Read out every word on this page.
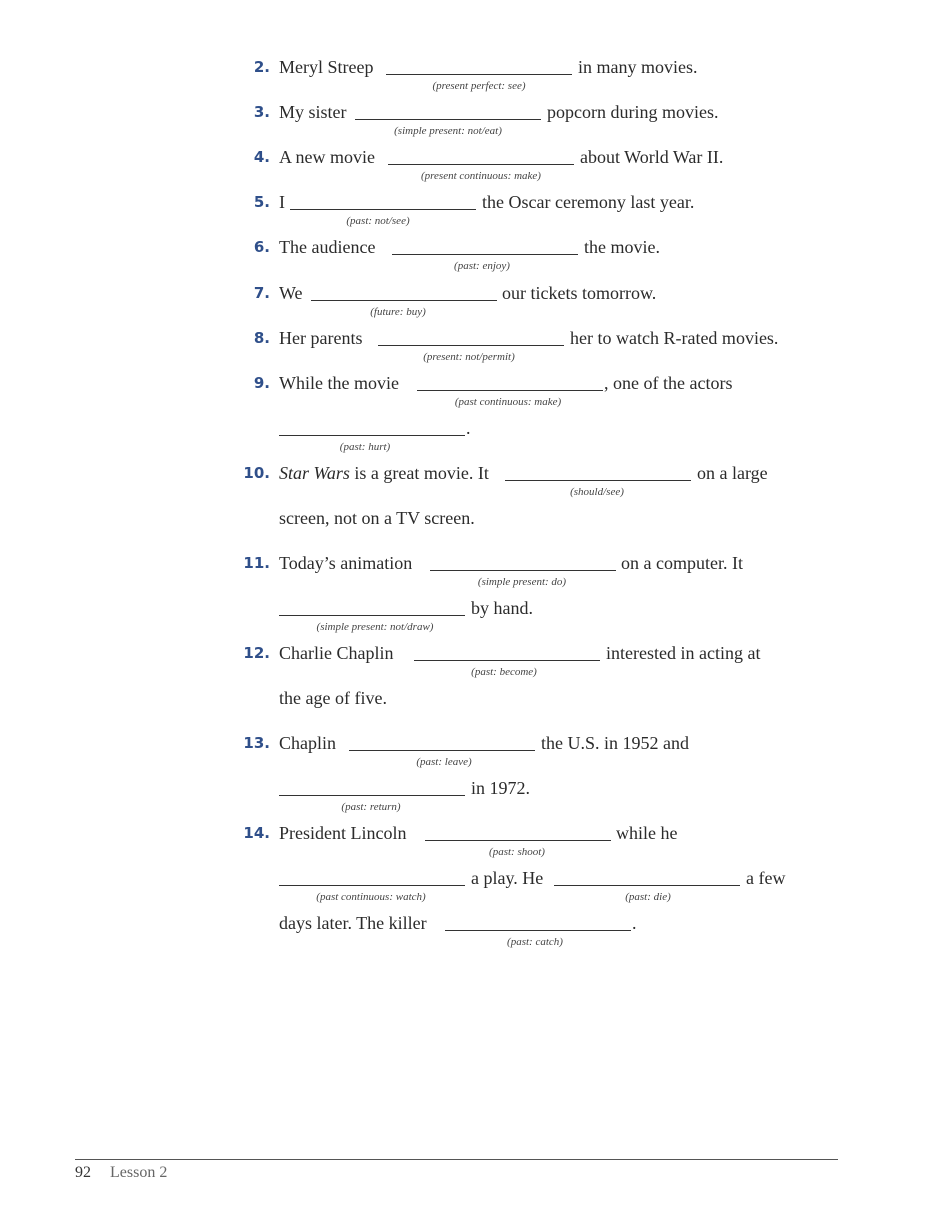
2. Meryl Streep
(present perfect: see)
in many movies.
3. My sister
(simple present: not/eat)
popcorn during movies.
4. A new movie
(present continuous: make)
about World War II.
5. I
(past: not/see)
the Oscar ceremony last year.
6. The audience
(past: enjoy)
the movie.
7. We
(future: buy)
our tickets tomorrow.
8. Her parents
(present: not/permit)
her to watch R-rated movies.
9. While the movie
(past continuous: make)
, one of the actors
(past: hurt)
.
10. Star Wars is a great movie. It
(should/see)
on a large
screen, not on a TV screen.
11. Today’s animation
(simple present: do)
on a computer. It
(simple present: not/draw)
by hand.
12. Charlie Chaplin
(past: become)
interested in acting at
the age of five.
13. Chaplin
(past: leave)
the U.S. in 1952 and
(past: return)
in 1972.
14. President Lincoln
(past: shoot)
while he
(past continuous: watch)
a play. He
(past: die)
a few
days later. The killer
(past: catch)
.
92 Lesson 2
